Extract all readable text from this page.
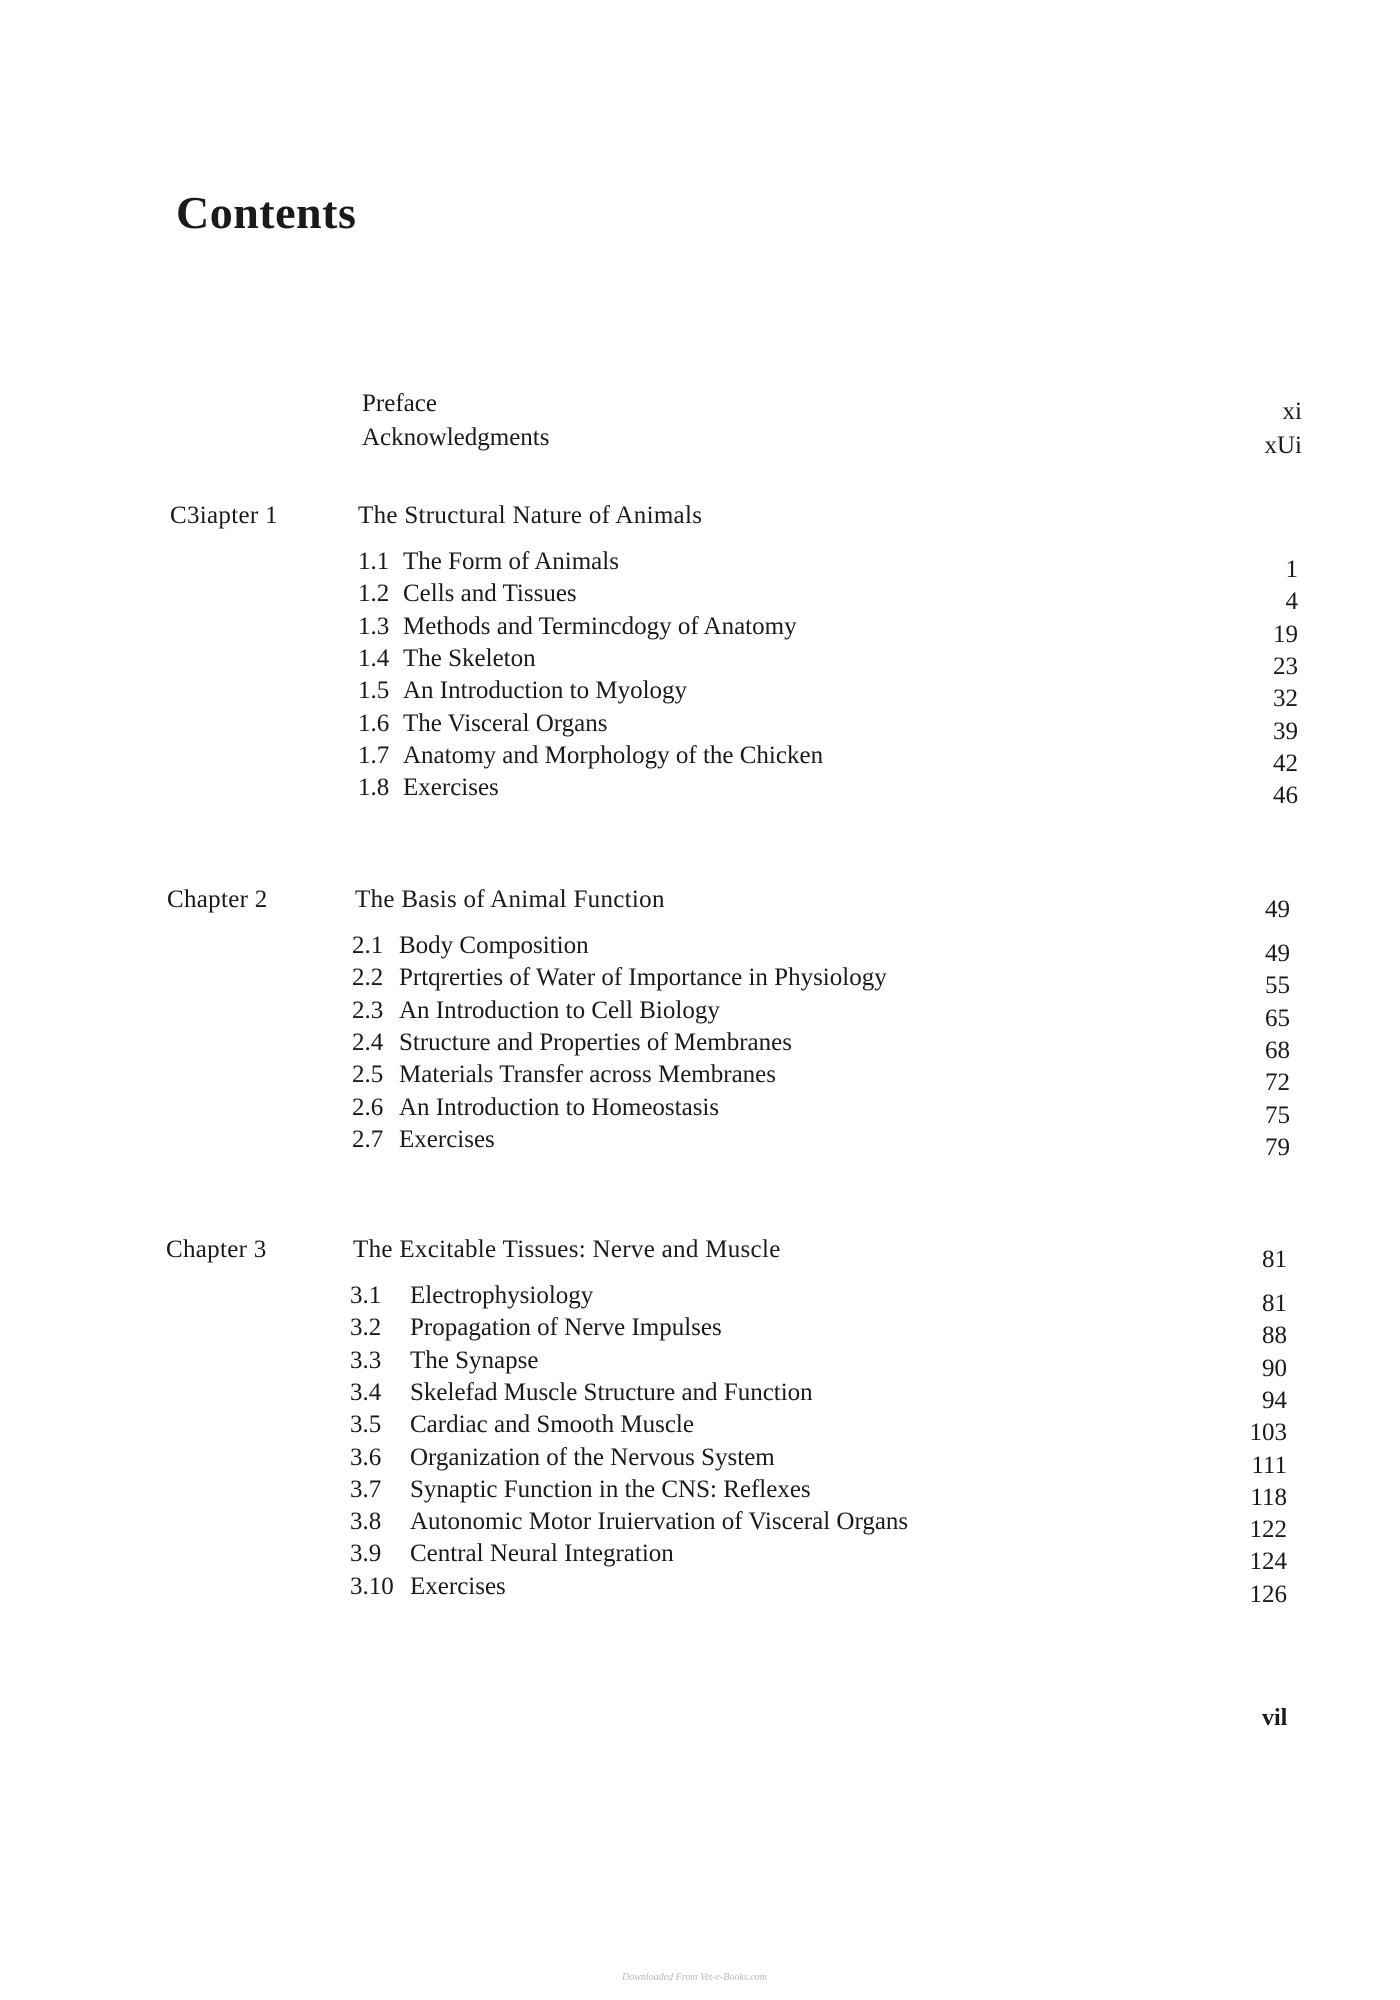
Contents
Preface	xi
Acknowledgments	xUi
C3iapter 1	The Structural Nature of Animals
1.1 The Form of Animals	1
1.2 Cells and Tissues	4
1.3 Methods and Termincdogy of Anatomy	19
1.4 The Skeleton	23
1.5 An Introduction to Myology	32
1.6 The Visceral Organs	39
1.7 Anatomy and Morphology of the Chicken	42
1.8 Exercises	46
Chapter 2	The Basis of Animal Function	49
2.1 Body Composition	49
2.2 Prtqrerties of Water of Importance in Physiology	55
2.3 An Introduction to Cell Biology	65
2.4 Structure and Properties of Membranes	68
2.5 Materials Transfer across Membranes	72
2.6 An Introduction to Homeostasis	75
2.7 Exercises	79
Chapter 3	The Excitable Tissues: Nerve and Muscle	81
3.1 Electrophysiology	81
3.2 Propagation of Nerve Impulses	88
3.3 The Synapse	90
3.4 Skelefad Muscle Structure and Function	94
3.5 Cardiac and Smooth Muscle	103
3.6 Organization of the Nervous System	111
3.7 Synaptic Function in the CNS: Reflexes	118
3.8 Autonomic Motor Iruiervation of Visceral Organs	122
3.9 Central Neural Integration	124
3.10 Exercises	126
vil
Downloaded From Vet-e-Books.com
